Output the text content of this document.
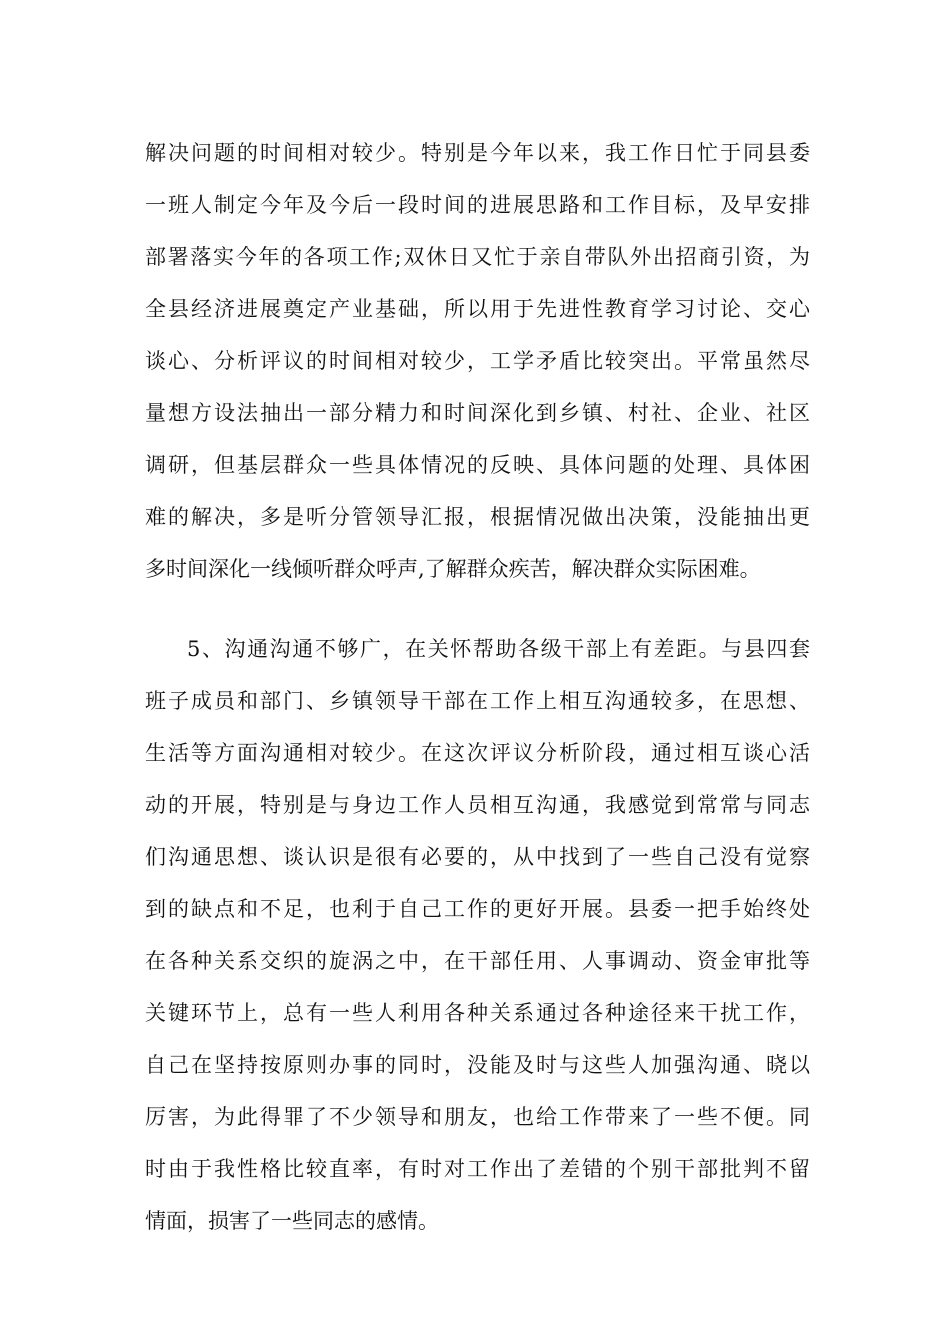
解决问题的时间相对较少。特别是今年以来，我工作日忙于同县委
一班人制定今年及今后一段时间的进展思路和工作目标，及早安排
部署落实今年的各项工作;双休日又忙于亲自带队外出招商引资，为
全县经济进展奠定产业基础，所以用于先进性教育学习讨论、交心
谈心、分析评议的时间相对较少，工学矛盾比较突出。平常虽然尽
量想方设法抽出一部分精力和时间深化到乡镇、村社、企业、社区
调研，但基层群众一些具体情况的反映、具体问题的处理、具体困
难的解决，多是听分管领导汇报，根据情况做出决策，没能抽出更
多时间深化一线倾听群众呼声,了解群众疾苦，解决群众实际困难。
5、沟通沟通不够广，在关怀帮助各级干部上有差距。与县四套
班子成员和部门、乡镇领导干部在工作上相互沟通较多，在思想、
生活等方面沟通相对较少。在这次评议分析阶段，通过相互谈心活
动的开展，特别是与身边工作人员相互沟通，我感觉到常常与同志
们沟通思想、谈认识是很有必要的，从中找到了一些自己没有觉察
到的缺点和不足，也利于自己工作的更好开展。县委一把手始终处
在各种关系交织的旋涡之中，在干部任用、人事调动、资金审批等
关键环节上，总有一些人利用各种关系通过各种途径来干扰工作，
自己在坚持按原则办事的同时，没能及时与这些人加强沟通、晓以
厉害，为此得罪了不少领导和朋友，也给工作带来了一些不便。同
时由于我性格比较直率，有时对工作出了差错的个别干部批判不留
情面，损害了一些同志的感情。
